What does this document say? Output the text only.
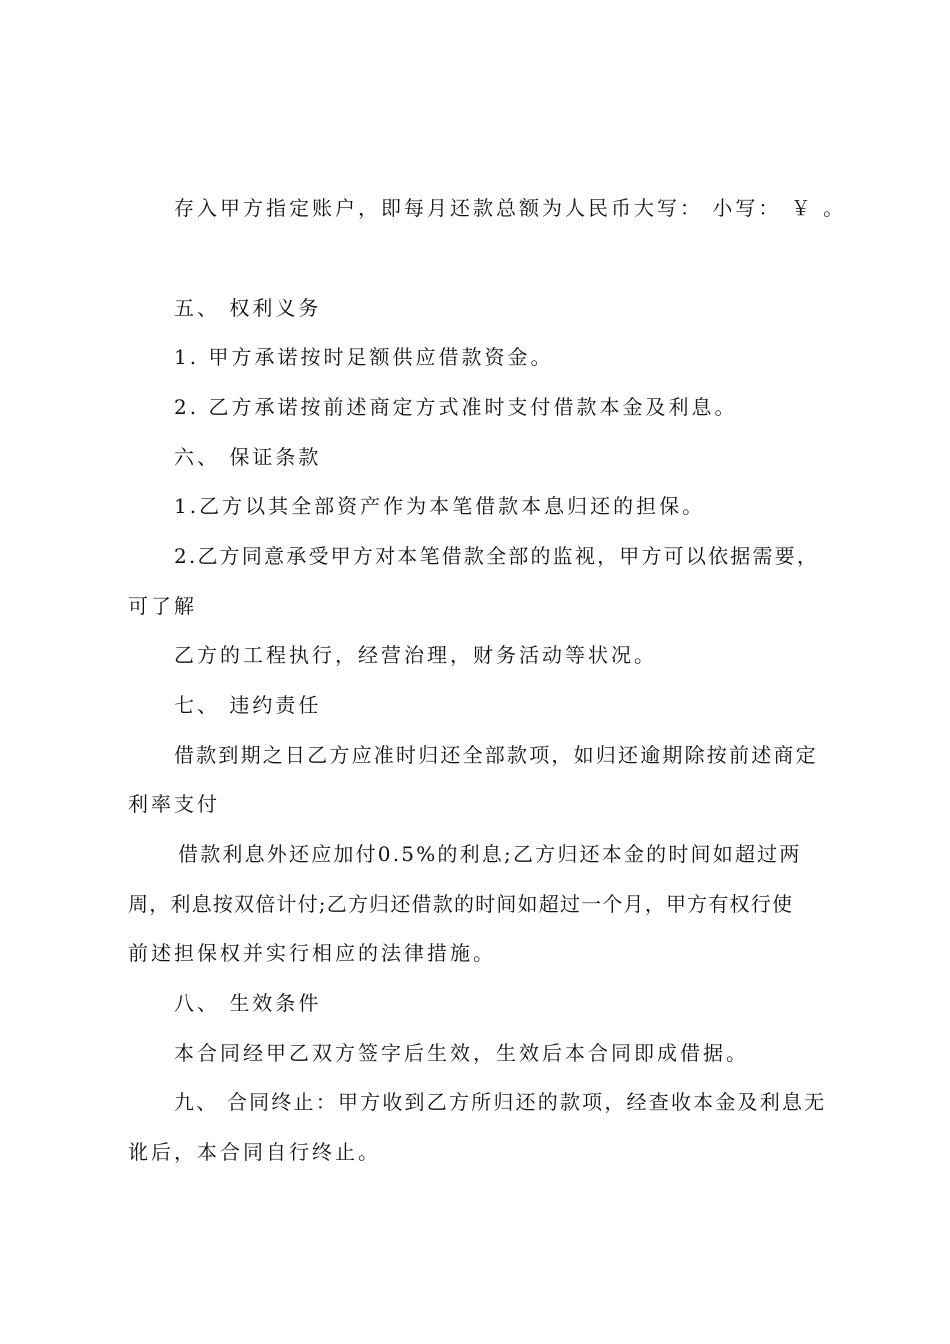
存入甲方指定账户，即每月还款总额为人民币大写： 小写： ￥ 。
五、 权利义务
1. 甲方承诺按时足额供应借款资金。
2. 乙方承诺按前述商定方式准时支付借款本金及利息。
六、 保证条款
1.乙方以其全部资产作为本笔借款本息归还的担保。
2.乙方同意承受甲方对本笔借款全部的监视，甲方可以依据需要，
可了解
乙方的工程执行，经营治理，财务活动等状况。
七、 违约责任
借款到期之日乙方应准时归还全部款项，如归还逾期除按前述商定
利率支付
借款利息外还应加付0.5%的利息;乙方归还本金的时间如超过两
周，利息按双倍计付;乙方归还借款的时间如超过一个月，甲方有权行使
前述担保权并实行相应的法律措施。
八、 生效条件
本合同经甲乙双方签字后生效，生效后本合同即成借据。
九、 合同终止：甲方收到乙方所归还的款项，经查收本金及利息无
讹后，本合同自行终止。
